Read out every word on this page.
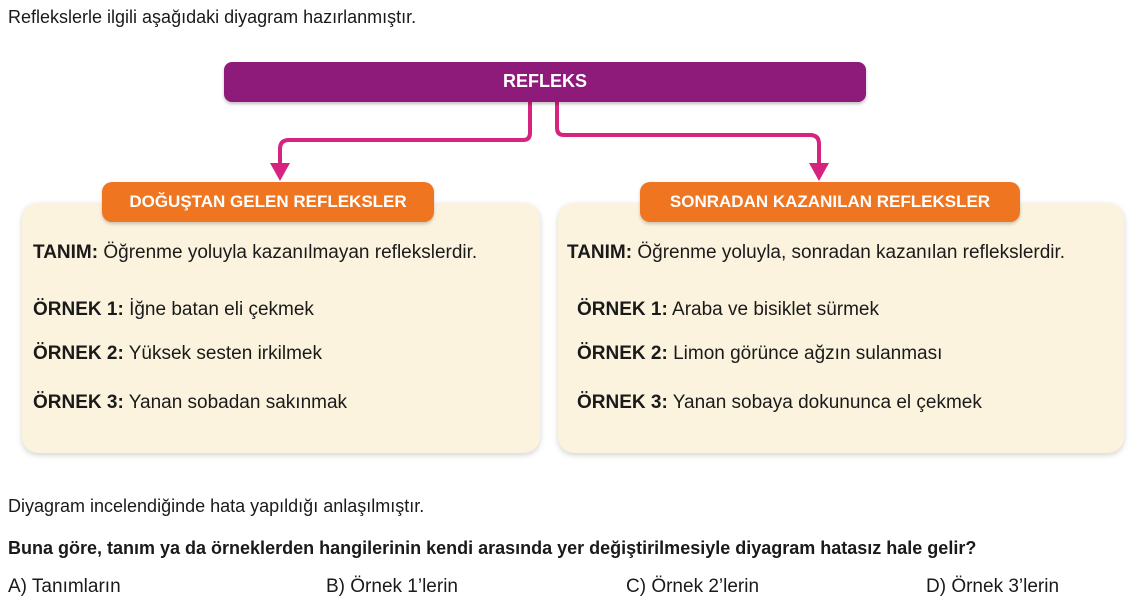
Reflekslerle ilgili aşağıdaki diyagram hazırlanmıştır.
REFLEKS
DOĞUŞTAN GELEN REFLEKSLER	SONRADAN KAZANILAN REFLEKSLER
TANIM: Öğrenme yoluyla kazanılmayan reflekslerdir.
ÖRNEK 1: İğne batan eli çekmek
ÖRNEK 2: Yüksek sesten irkilmek
ÖRNEK 3: Yanan sobadan sakınmak
TANIM: Öğrenme yoluyla, sonradan kazanılan reflekslerdir.
ÖRNEK 1: Araba ve bisiklet sürmek
ÖRNEK 2: Limon görünce ağzın sulanması
ÖRNEK 3: Yanan sobaya dokununca el çekmek
Diyagram incelendiğinde hata yapıldığı anlaşılmıştır.
Buna göre, tanım ya da örneklerden hangilerinin kendi arasında yer değiştirilmesiyle diyagram hatasız hale gelir?
A) Tanımların	B) Örnek 1’lerin	C) Örnek 2’lerin	D) Örnek 3’lerin
